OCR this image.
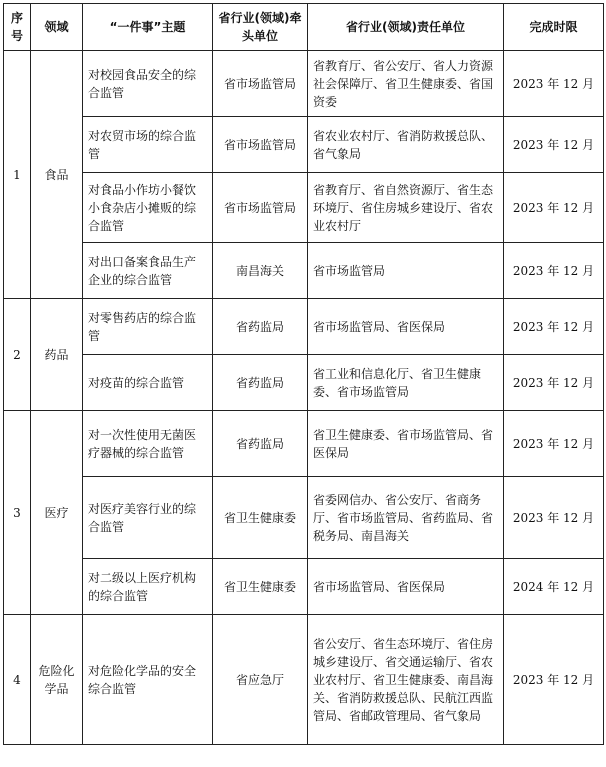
序号	领域	“一件事”主题	省行业(领域)牵头单位	省行业(领域)责任单位	完成时限
1	食品	对校园食品安全的综合监管	省市场监管局	省教育厅、省公安厅、省人力资源社会保障厅、省卫生健康委、省国资委	2023 年 12 月
		对农贸市场的综合监管	省市场监管局	省农业农村厅、省消防救援总队、省气象局	2023 年 12 月
		对食品小作坊小餐饮小食杂店小摊贩的综合监管	省市场监管局	省教育厅、省自然资源厅、省生态环境厅、省住房城乡建设厅、省农业农村厅	2023 年 12 月
		对出口备案食品生产企业的综合监管	南昌海关	省市场监管局	2023 年 12 月
2	药品	对零售药店的综合监管	省药监局	省市场监管局、省医保局	2023 年 12 月
		对疫苗的综合监管	省药监局	省工业和信息化厅、省卫生健康委、省市场监管局	2023 年 12 月
3	医疗	对一次性使用无菌医疗器械的综合监管	省药监局	省卫生健康委、省市场监管局、省医保局	2023 年 12 月
		对医疗美容行业的综合监管	省卫生健康委	省委网信办、省公安厅、省商务厅、省市场监管局、省药监局、省税务局、南昌海关	2023 年 12 月
		对二级以上医疗机构的综合监管	省卫生健康委	省市场监管局、省医保局	2024 年 12 月
4	危险化学品	对危险化学品的安全综合监管	省应急厅	省公安厅、省生态环境厅、省住房城乡建设厅、省交通运输厅、省农业农村厅、省卫生健康委、南昌海关、省消防救援总队、民航江西监管局、省邮政管理局、省气象局	2023 年 12 月
